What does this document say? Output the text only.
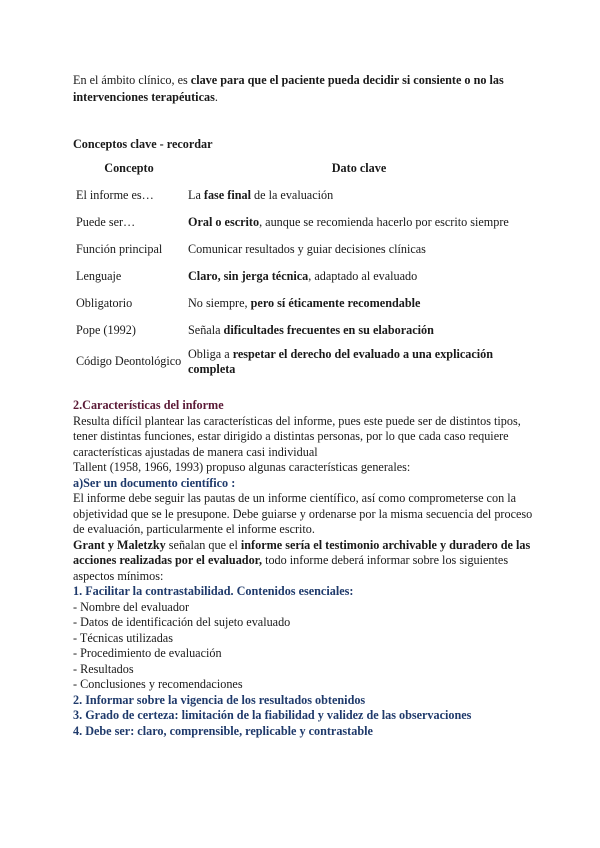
En el ámbito clínico, es clave para que el paciente pueda decidir si consiente o no las intervenciones terapéuticas.
Conceptos clave - recordar
Concepto	Dato clave
El informe es…	La fase final de la evaluación
Puede ser…	Oral o escrito, aunque se recomienda hacerlo por escrito siempre
Función principal	Comunicar resultados y guiar decisiones clínicas
Lenguaje	Claro, sin jerga técnica, adaptado al evaluado
Obligatorio	No siempre, pero sí éticamente recomendable
Pope (1992)	Señala dificultades frecuentes en su elaboración
Código Deontológico	Obliga a respetar el derecho del evaluado a una explicación completa
2.Características del informe
Resulta difícil plantear las características del informe, pues este puede ser de distintos tipos, tener distintas funciones, estar dirigido a distintas personas, por lo que cada caso requiere características ajustadas de manera casi individual
Tallent (1958, 1966, 1993) propuso algunas características generales:
a)Ser un documento científico :
El informe debe seguir las pautas de un informe científico, así como comprometerse con la objetividad que se le presupone. Debe guiarse y ordenarse por la misma secuencia del proceso de evaluación, particularmente el informe escrito.
Grant y Maletzky señalan que el informe sería el testimonio archivable y duradero de las acciones realizadas por el evaluador, todo informe deberá informar sobre los siguientes aspectos mínimos:
1. Facilitar la contrastabilidad. Contenidos esenciales:
- Nombre del evaluador
- Datos de identificación del sujeto evaluado
- Técnicas utilizadas
- Procedimiento de evaluación
- Resultados
- Conclusiones y recomendaciones
2. Informar sobre la vigencia de los resultados obtenidos
3. Grado de certeza: limitación de la fiabilidad y validez de las observaciones
4. Debe ser: claro, comprensible, replicable y contrastable
